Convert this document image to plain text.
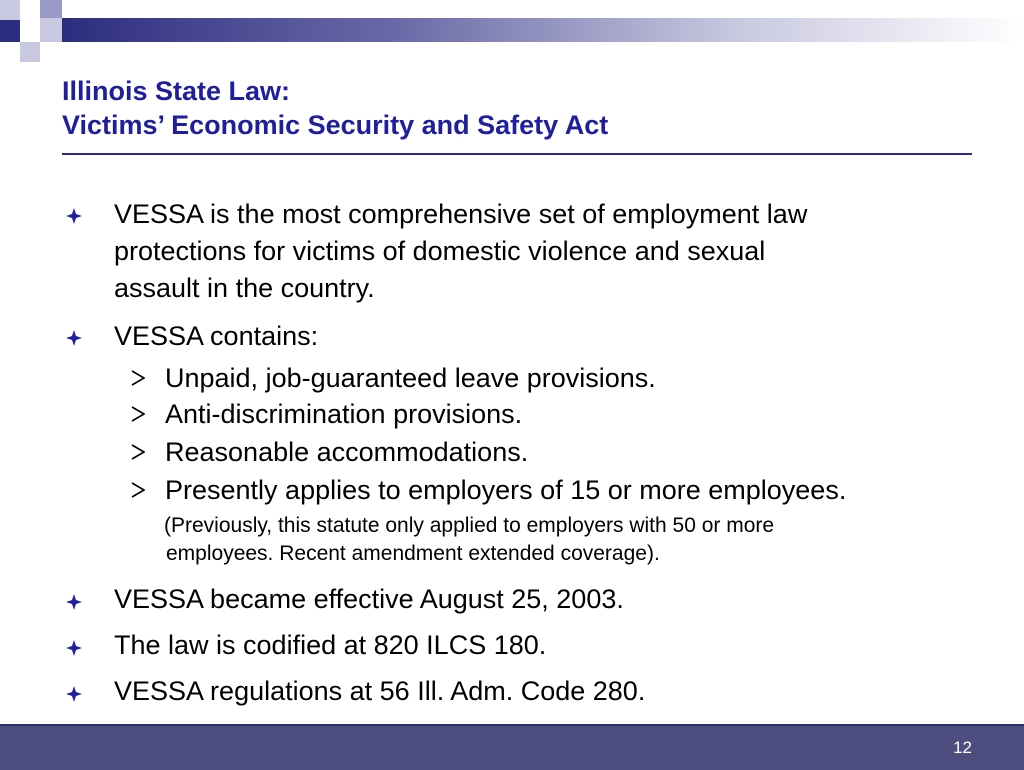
Illinois State Law:
Victims’ Economic Security and Safety Act
VESSA is the most comprehensive set of employment law
protections for victims of domestic violence and sexual
assault in the country.
VESSA contains:
Unpaid, job-guaranteed leave provisions.
Anti-discrimination provisions.
Reasonable accommodations.
Presently applies to employers of 15 or more employees.
(Previously, this statute only applied to employers with 50 or more
employees. Recent amendment extended coverage).
VESSA became effective August 25, 2003.
The law is codified at 820 ILCS 180.
VESSA regulations at 56 Ill. Adm. Code 280.
12
